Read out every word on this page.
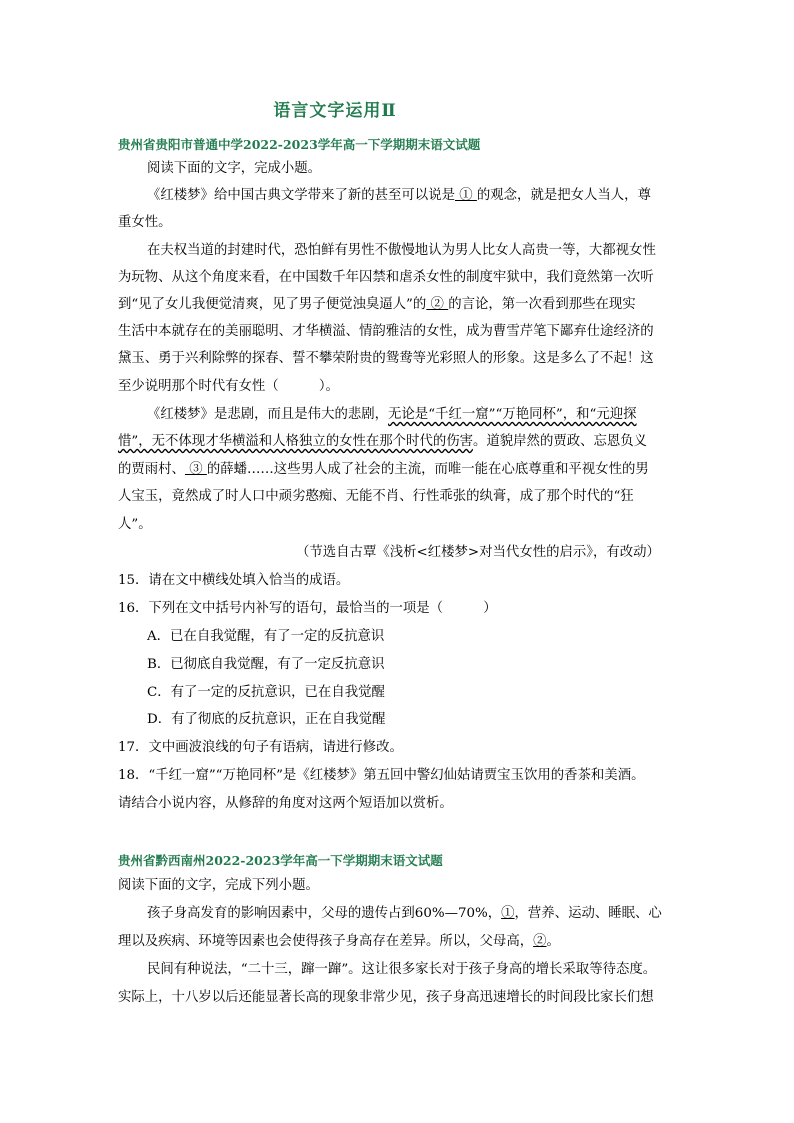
语言文字运用Ⅱ
贵州省贵阳市普通中学2022-2023学年高一下学期期末语文试题
阅读下面的文字，完成小题。
《红楼梦》给中国古典文学带来了新的甚至可以说是 ① 的观念，就是把女人当人，尊
重女性。
在夫权当道的封建时代，恐怕鲜有男性不傲慢地认为男人比女人高贵一等，大都视女性
为玩物、从这个角度来看，在中国数千年囚禁和虐杀女性的制度牢狱中，我们竟然第一次听
到“见了女儿我便觉清爽，见了男子便觉浊臭逼人”的 ② 的言论，第一次看到那些在现实
生活中本就存在的美丽聪明、才华横溢、情韵雅洁的女性，成为曹雪芹笔下鄙弃仕途经济的
黛玉、勇于兴利除弊的探春、誓不攀荣附贵的鸳鸯等光彩照人的形象。这是多么了不起！这
至少说明那个时代有女性（　　　）。
《红楼梦》是悲剧，而且是伟大的悲剧，无论是“千红一窟”“万艳同杯”，和“元迎探
惜”，无不体现才华横溢和人格独立的女性在那个时代的伤害。道貌岸然的贾政、忘恩负义
的贾雨村、 ③ 的薛蟠……这些男人成了社会的主流，而唯一能在心底尊重和平视女性的男
人宝玉，竟然成了时人口中顽劣憨痴、无能不肖、行性乖张的纨膏，成了那个时代的“狂
人”。
（节选自古覃《浅析<红楼梦>对当代女性的启示》，有改动）
15．请在文中横线处填入恰当的成语。
16．下列在文中括号内补写的语句，最恰当的一项是（　　　）
A．已在自我觉醒，有了一定的反抗意识
B．已彻底自我觉醒，有了一定反抗意识
C．有了一定的反抗意识，已在自我觉醒
D．有了彻底的反抗意识，正在自我觉醒
17．文中画波浪线的句子有语病，请进行修改。
18．“千红一窟”“万艳同杯”是《红楼梦》第五回中警幻仙姑请贾宝玉饮用的香茶和美酒。
请结合小说内容，从修辞的角度对这两个短语加以赏析。
贵州省黔西南州2022-2023学年高一下学期期末语文试题
阅读下面的文字，完成下列小题。
孩子身高发育的影响因素中，父母的遗传占到60%—70%，①，营养、运动、睡眠、心
理以及疾病、环境等因素也会使得孩子身高存在差异。所以，父母高，②。
民间有种说法，“二十三，蹿一蹿”。这让很多家长对于孩子身高的增长采取等待态度。
实际上，十八岁以后还能显著长高的现象非常少见，孩子身高迅速增长的时间段比家长们想
